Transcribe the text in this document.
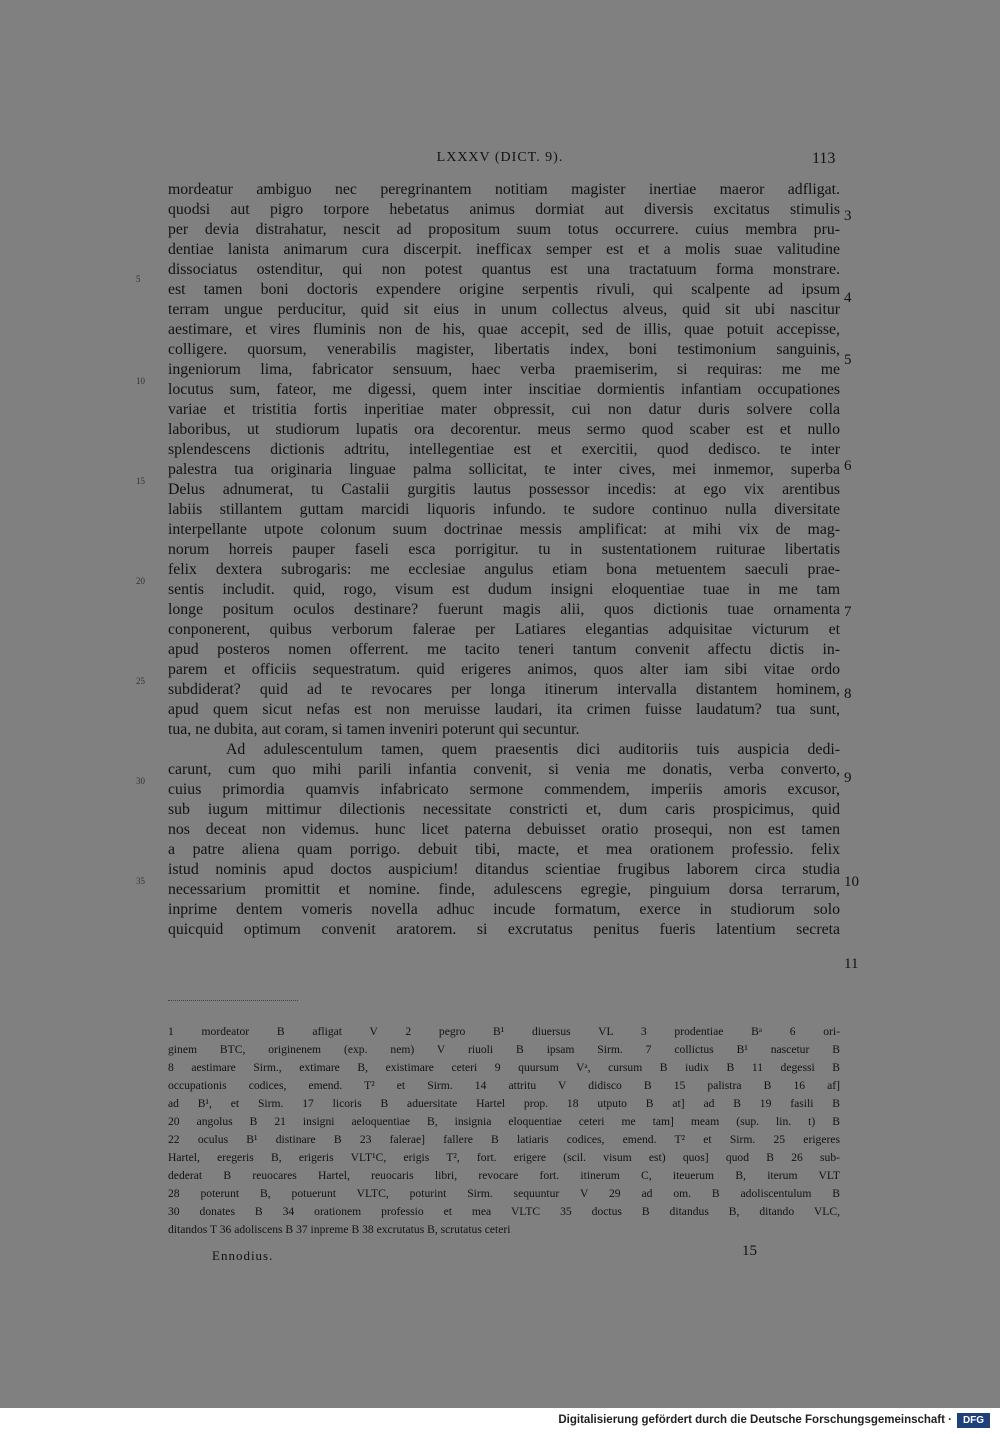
LXXXV (DICT. 9).	113
mordeatur ambiguo nec peregrinantem notitiam magister inertiae maeror adfligat.
quodsi aut pigro torpore hebetatus animus dormiat aut diversis excitatus stimulis
per devia distrahatur, nescit ad propositum suum totus occurrere. cuius membra pru-
dentiae lanista animarum cura discerpit. inefficax semper est et a molis suae valitudine
dissociatus ostenditur, qui non potest quantus est una tractatuum forma monstrare.
est tamen boni doctoris expendere origine serpentis rivuli, qui scalpente ad ipsum
terram ungue perducitur, quid sit eius in unum collectus alveus, quid sit ubi nascitur
aestimare, et vires fluminis non de his, quae accepit, sed de illis, quae potuit accepisse,
colligere. quorsum, venerabilis magister, libertatis index, boni testimonium sanguinis,
ingeniorum lima, fabricator sensuum, haec verba praemiserim, si requiras: me me
locutus sum, fateor, me digessi, quem inter inscitiae dormientis infantiam occupationes
variae et tristitia fortis inperitiae mater obpressit, cui non datur duris solvere colla
laboribus, ut studiorum lupatis ora decorentur. meus sermo quod scaber est et nullo
splendescens dictionis adtritu, intellegentiae est et exercitii, quod dedisco. te inter
palestra tua originaria linguae palma sollicitat, te inter cives, mei inmemor, superba
Delus adnumerat, tu Castalii gurgitis lautus possessor incedis: at ego vix arentibus
labiis stillantem guttam marcidi liquoris infundo. te sudore continuo nulla diversitate
interpellante utpote colonum suum doctrinae messis amplificat: at mihi vix de mag-
norum horreis pauper faseli esca porrigitur. tu in sustentationem ruiturae libertatis
felix dextera subrogaris: me ecclesiae angulus etiam bona metuentem saeculi prae-
sentis includit. quid, rogo, visum est dudum insigni eloquentiae tuae in me tam
longe positum oculos destinare? fuerunt magis alii, quos dictionis tuae ornamenta
conponerent, quibus verborum falerae per Latiares elegantias adquisitae victurum et
apud posteros nomen offerrent. me tacito teneri tantum convenit affectu dictis in-
parem et officiis sequestratum. quid erigeres animos, quos alter iam sibi vitae ordo
subdiderat? quid ad te revocares per longa itinerum intervalla distantem hominem,
apud quem sicut nefas est non meruisse laudari, ita crimen fuisse laudatum? tua sunt,
tua, ne dubita, aut coram, si tamen inveniri poterunt qui secuntur.
Ad adulescentulum tamen, quem praesentis dici auditoriis tuis auspicia dedi-
carunt, cum quo mihi parili infantia convenit, si venia me donatis, verba converto,
cuius primordia quamvis infabricato sermone commendem, imperiis amoris excusor,
sub iugum mittimur dilectionis necessitate constricti et, dum caris prospicimus, quid
nos deceat non videmus. hunc licet paterna debuisset oratio prosequi, non est tamen
a patre aliena quam porrigo. debuit tibi, macte, et mea orationem professio. felix
istud nominis apud doctos auspicium! ditandus scientiae frugibus laborem circa studia
necessarium promittit et nomine. finde, adulescens egregie, pinguium dorsa terrarum,
inprime dentem vomeris novella adhuc incude formatum, exerce in studiorum solo
quicquid optimum convenit aratorem. si excrutatus penitus fueris latentium secreta
5
10
15
20
25
30
35
3
4
5
6
7
8
9
10
11
1 mordeator B afligat V 2 pegro B¹ diuersus VL 3 prodentiae Bᵃ 6 ori-
ginem BTC, originenem (exp. nem) V riuoli B ipsam Sirm. 7 collictus B¹ nascetur B
8 aestimare Sirm., extimare B, existimare ceteri 9 quursum Vᵃ, cursum B iudix B 11 degessi B
occupationis codices, emend. T² et Sirm. 14 attritu V didisco B 15 palistra B 16 af]
ad B¹, et Sirm. 17 licoris B aduersitate Hartel prop. 18 utputo B at] ad B 19 fasili B
20 angolus B 21 insigni aeloquentiae B, insignia eloquentiae ceteri me tam] meam (sup. lin. t) B
22 oculus B¹ distinare B 23 falerae] fallere B latiaris codices, emend. T² et Sirm. 25 erigeres
Hartel, eregeris B, erigeris VLT¹C, erigis T², fort. erigere (scil. visum est) quos] quod B 26 sub-
dederat B reuocares Hartel, reuocaris libri, revocare fort. itinerum C, iteuerum B, iterum VLT
28 poterunt B, potuerunt VLTC, poturint Sirm. sequuntur V 29 ad om. B adoliscentulum B
30 donates B 34 orationem professio et mea VLTC 35 doctus B ditandus B, ditando VLC,
ditandos T 36 adoliscens B 37 inpreme B 38 excrutatus B, scrutatus ceteri
Ennodius.	15
Digitalisierung gefördert durch die Deutsche Forschungsgemeinschaft ·	DFG
